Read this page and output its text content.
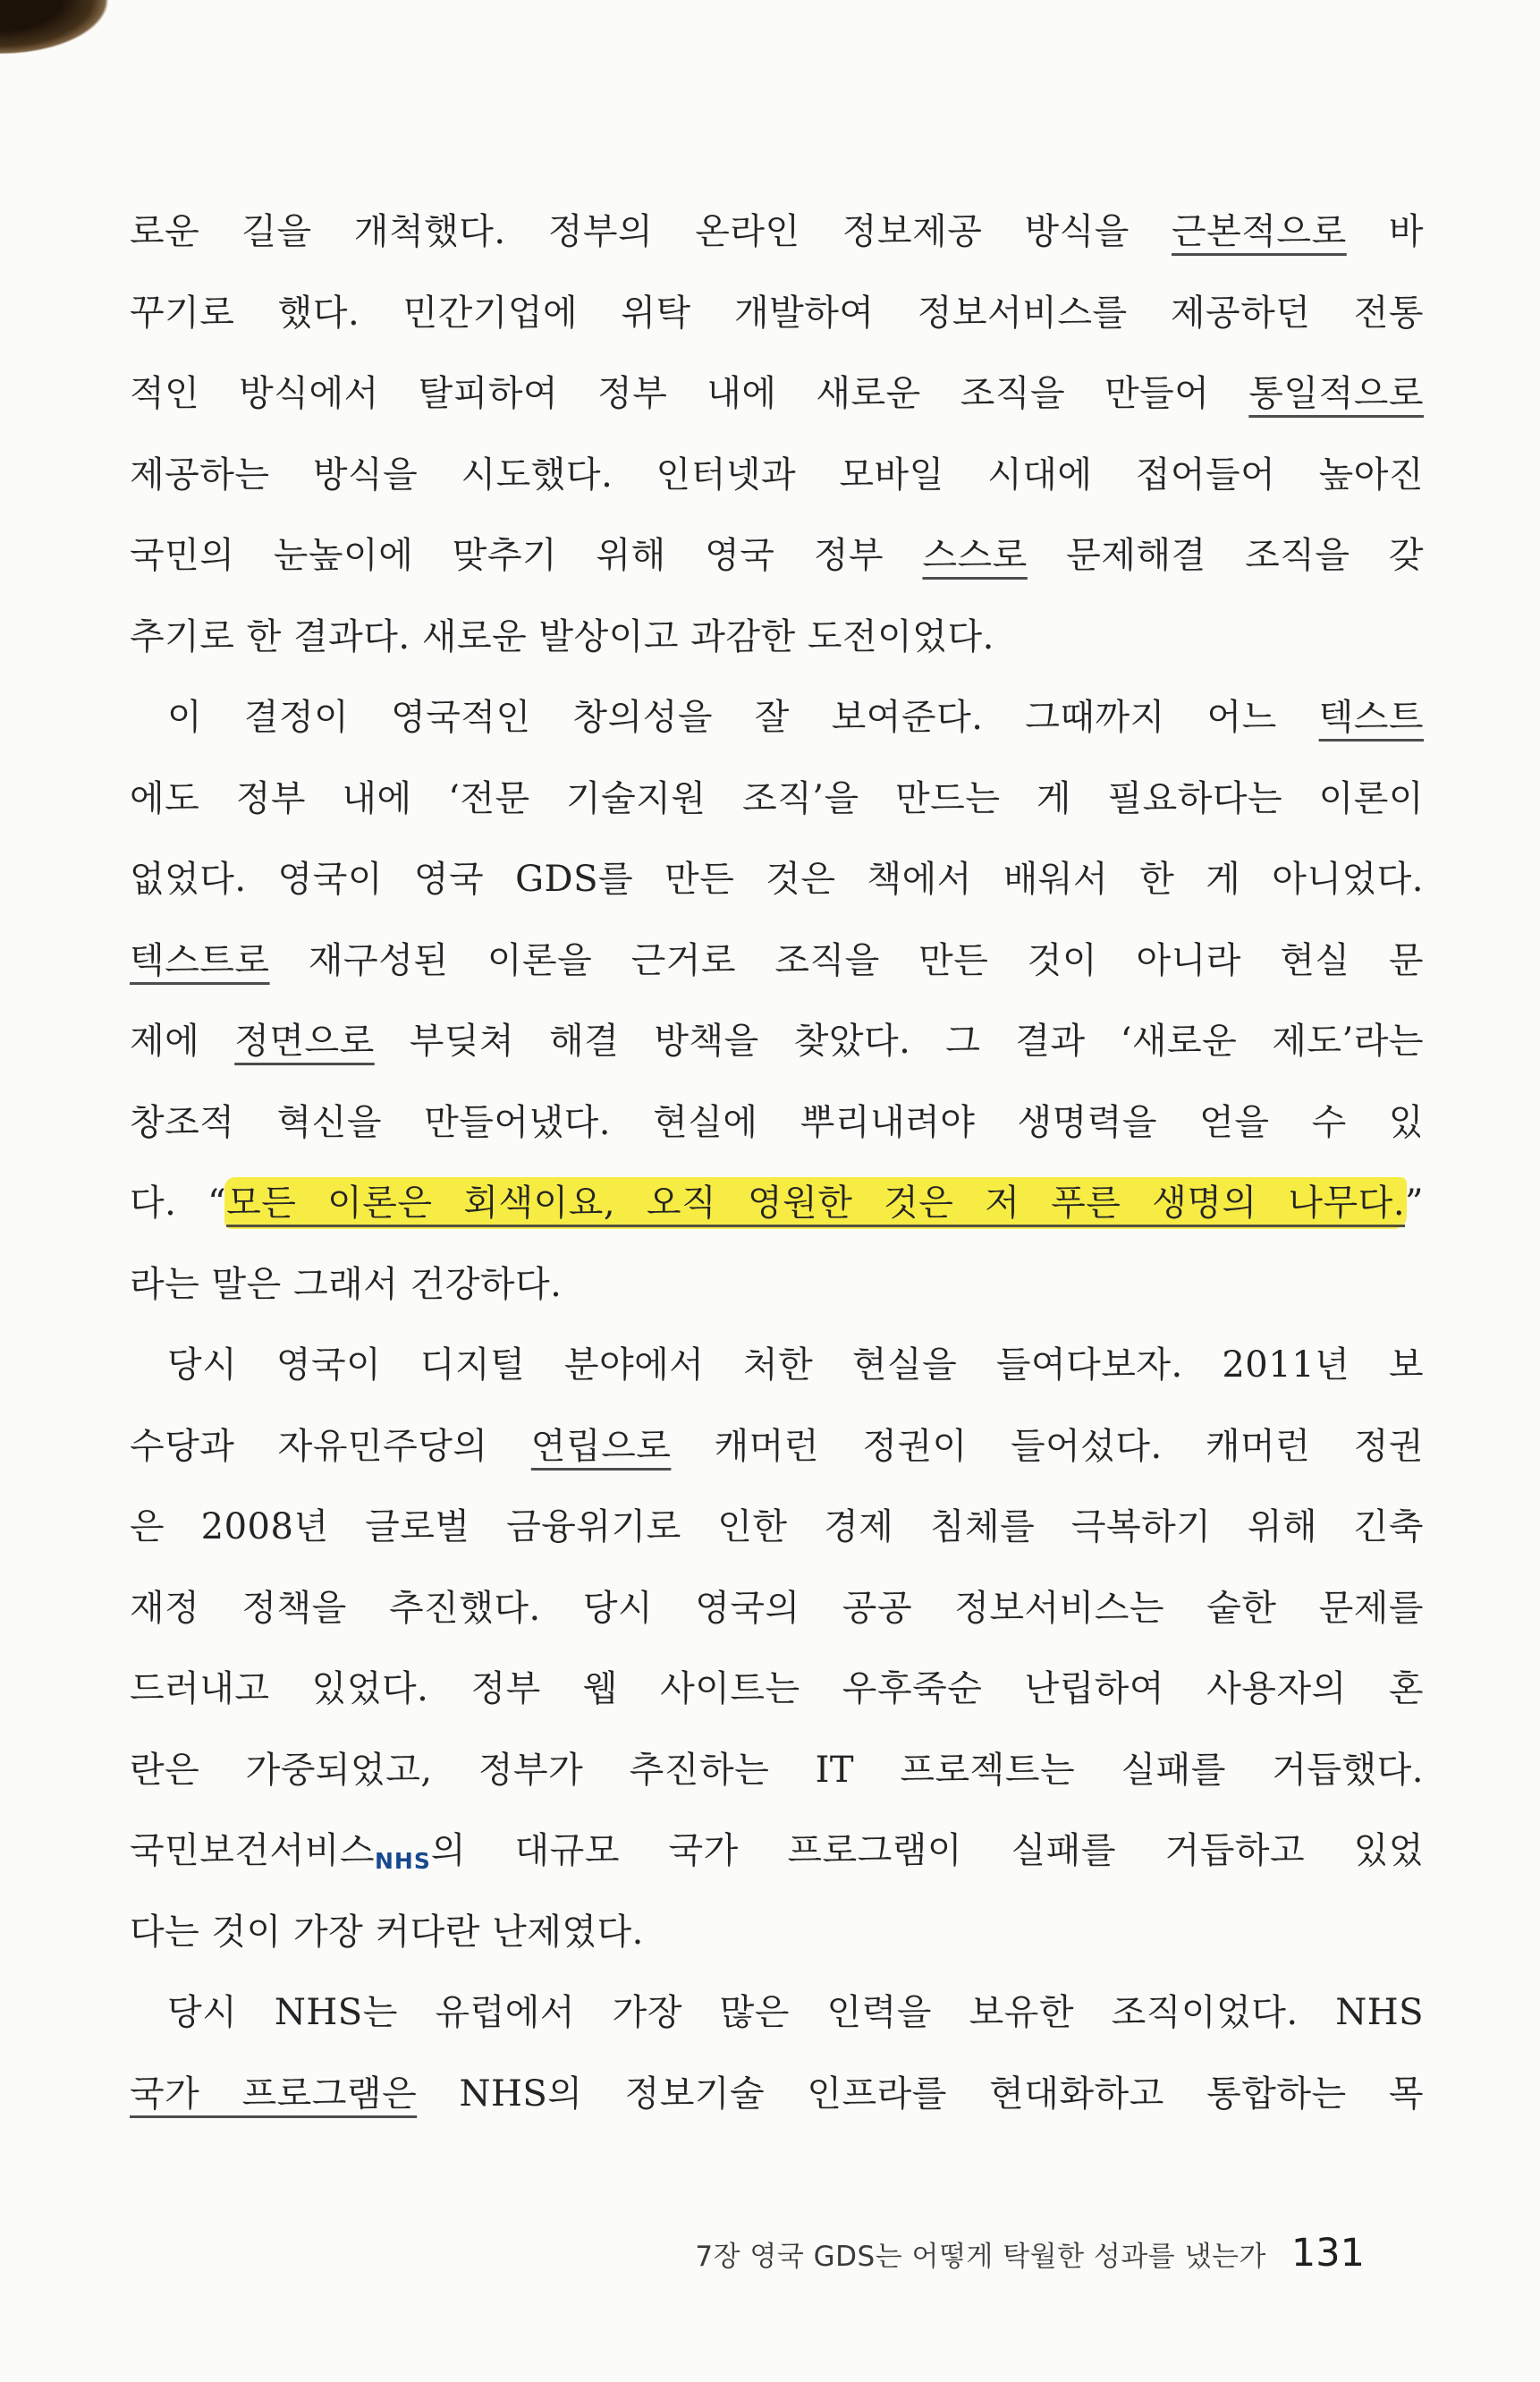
로운 길을 개척했다. 정부의 온라인 정보제공 방식을 근본적으로 바
꾸기로 했다. 민간기업에 위탁 개발하여 정보서비스를 제공하던 전통
적인 방식에서 탈피하여 정부 내에 새로운 조직을 만들어 통일적으로
제공하는 방식을 시도했다. 인터넷과 모바일 시대에 접어들어 높아진
국민의 눈높이에 맞추기 위해 영국 정부 스스로 문제해결 조직을 갖
추기로 한 결과다. 새로운 발상이고 과감한 도전이었다.
이 결정이 영국적인 창의성을 잘 보여준다. 그때까지 어느 텍스트
에도 정부 내에 ‘전문 기술지원 조직’을 만드는 게 필요하다는 이론이
없었다. 영국이 영국 GDS를 만든 것은 책에서 배워서 한 게 아니었다.
텍스트로 재구성된 이론을 근거로 조직을 만든 것이 아니라 현실 문
제에 정면으로 부딪쳐 해결 방책을 찾았다. 그 결과 ‘새로운 제도’라는
창조적 혁신을 만들어냈다. 현실에 뿌리내려야 생명력을 얻을 수 있
다. “모든 이론은 회색이요, 오직 영원한 것은 저 푸른 생명의 나무다.”
라는 말은 그래서 건강하다.
당시 영국이 디지털 분야에서 처한 현실을 들여다보자. 2011년 보
수당과 자유민주당의 연립으로 캐머런 정권이 들어섰다. 캐머런 정권
은 2008년 글로벌 금융위기로 인한 경제 침체를 극복하기 위해 긴축
재정 정책을 추진했다. 당시 영국의 공공 정보서비스는 숱한 문제를
드러내고 있었다. 정부 웹 사이트는 우후죽순 난립하여 사용자의 혼
란은 가중되었고, 정부가 추진하는 IT 프로젝트는 실패를 거듭했다.
국민보건서비스NHS의 대규모 국가 프로그램이 실패를 거듭하고 있었
다는 것이 가장 커다란 난제였다.
당시 NHS는 유럽에서 가장 많은 인력을 보유한 조직이었다. NHS
국가 프로그램은 NHS의 정보기술 인프라를 현대화하고 통합하는 목
7장 영국 GDS는 어떻게 탁월한 성과를 냈는가 131
